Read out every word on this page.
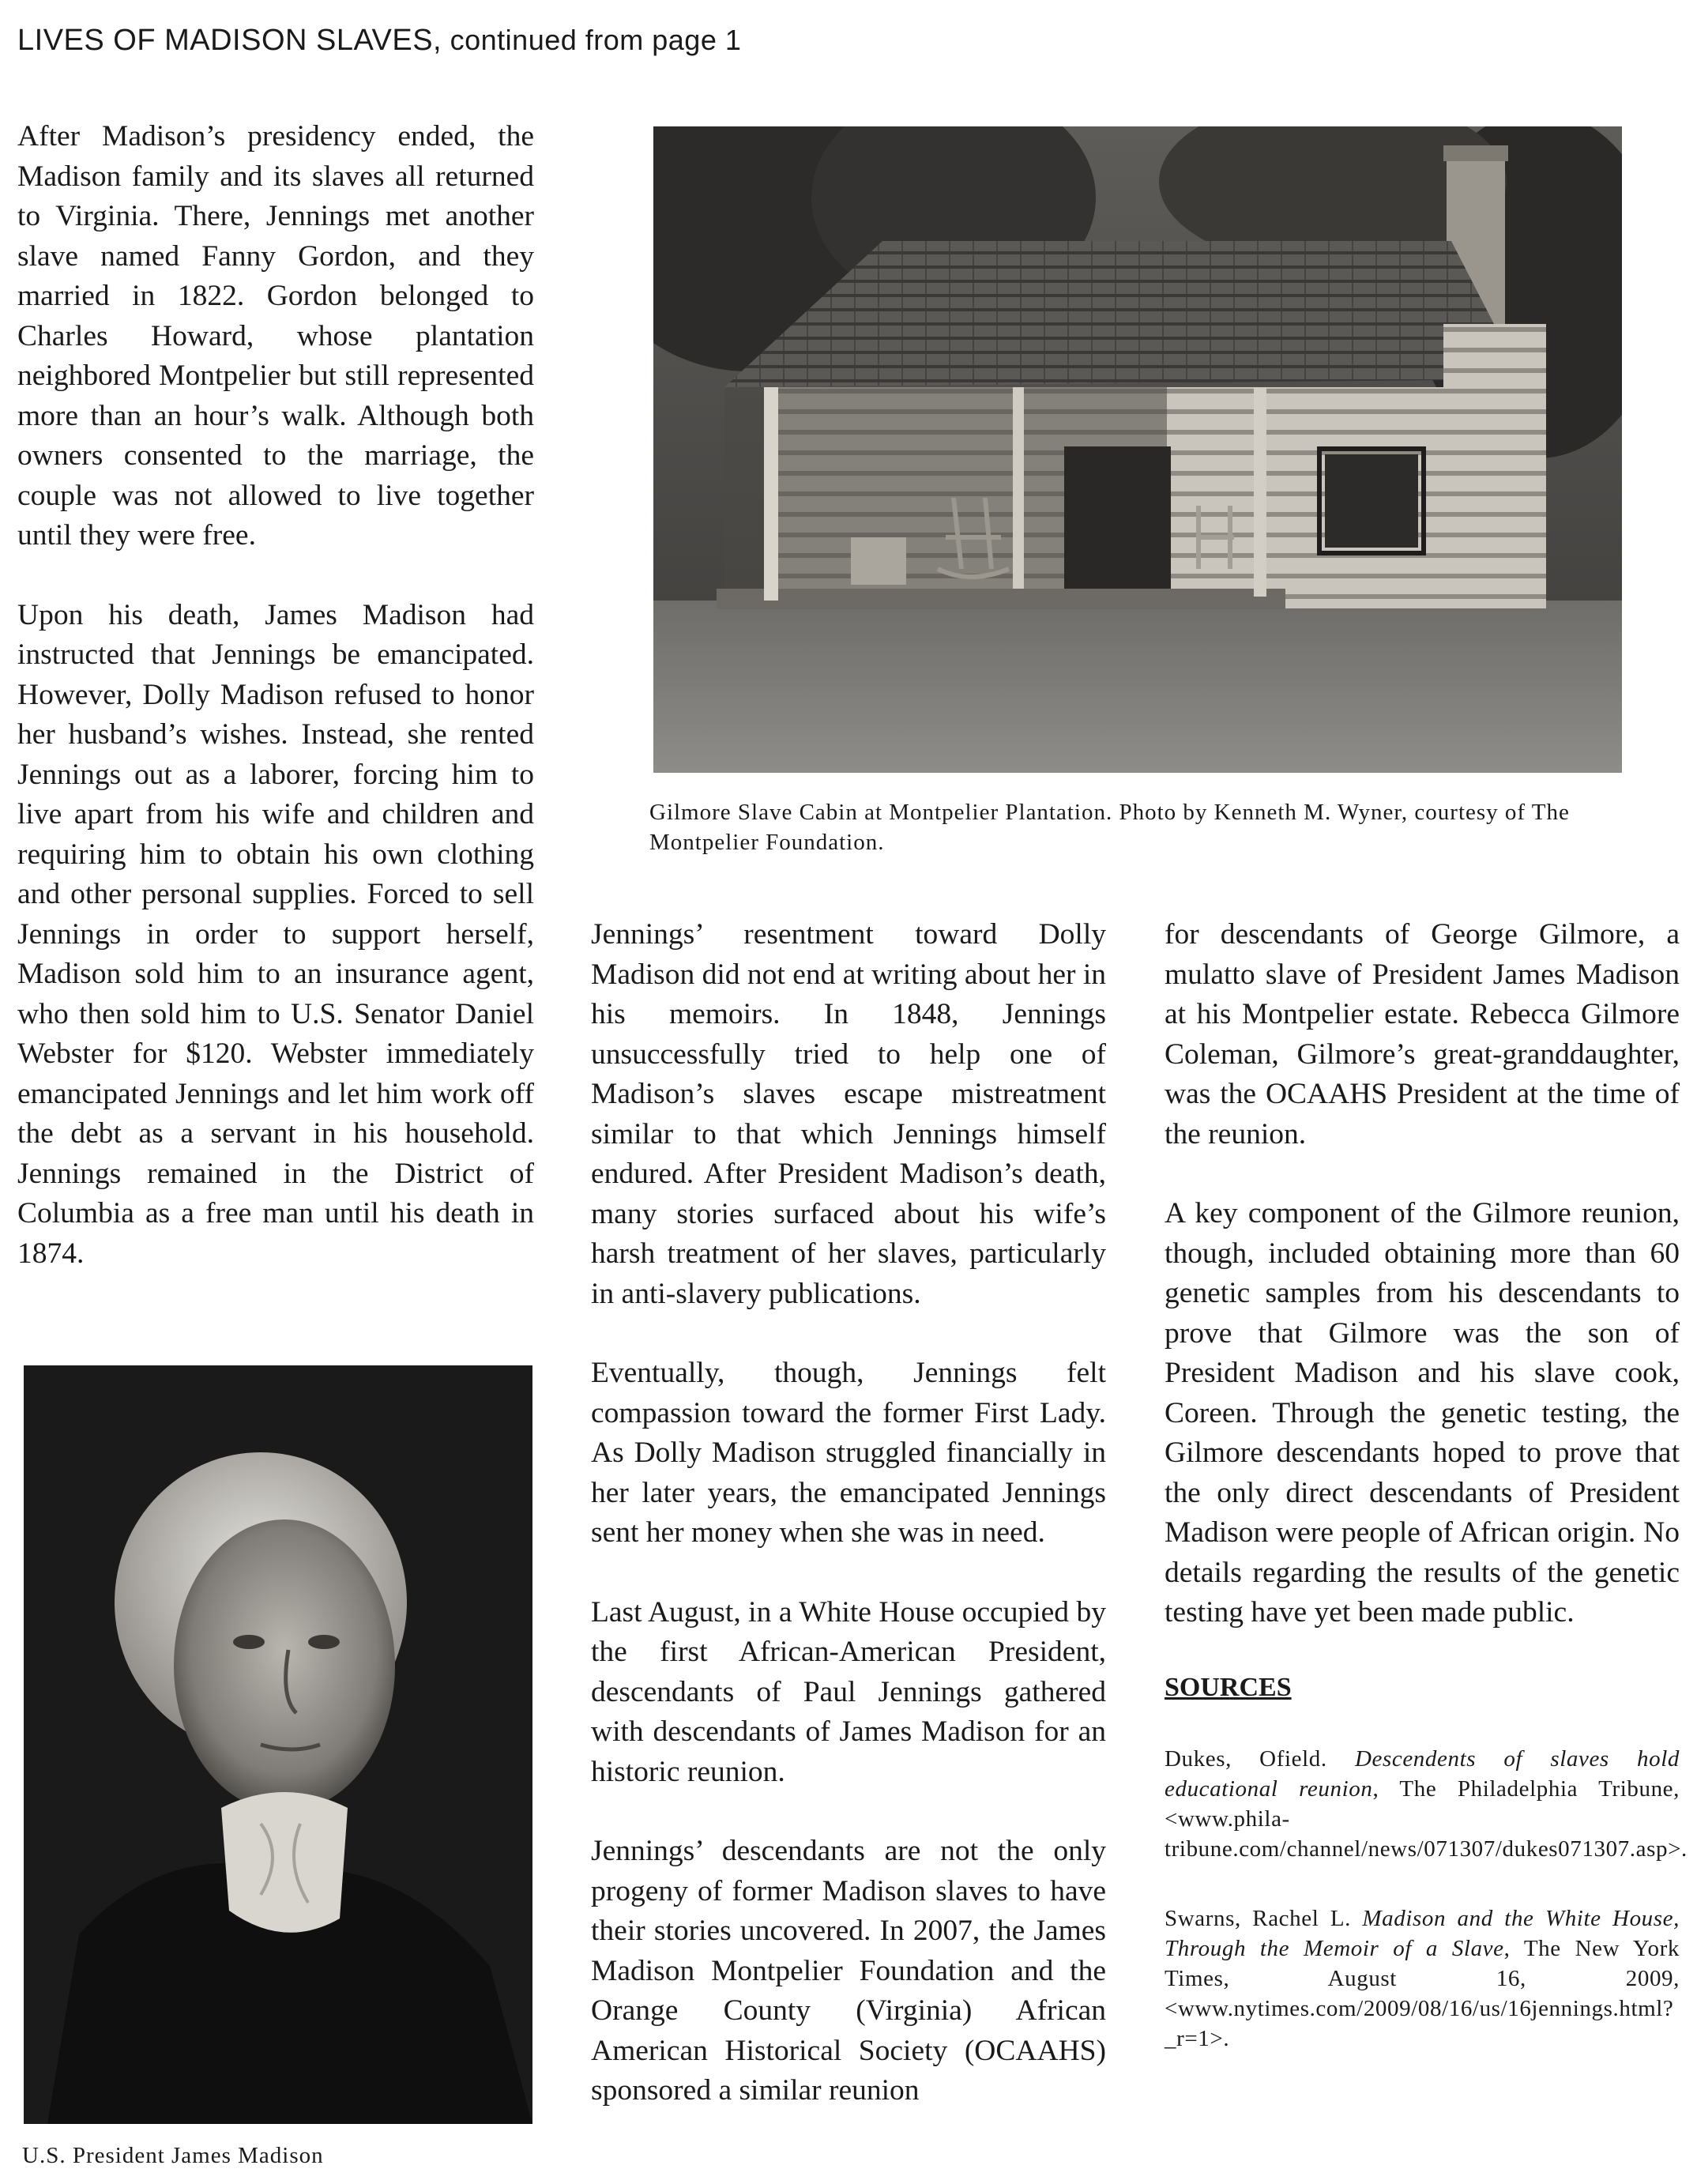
LIVES OF MADISON SLAVES, continued from page 1

After Madison’s presidency ended, the Madison family and its slaves all returned to Virginia. There, Jennings met another slave named Fanny Gordon, and they married in 1822. Gordon belonged to Charles Howard, whose plantation neighbored Montpelier but still represented more than an hour’s walk. Although both owners consented to the marriage, the couple was not allowed to live together until they were free.

Upon his death, James Madison had instructed that Jennings be emancipated. However, Dolly Madison refused to honor her husband’s wishes. Instead, she rented Jennings out as a laborer, forcing him to live apart from his wife and children and requiring him to obtain his own clothing and other personal supplies. Forced to sell Jennings in order to support herself, Madison sold him to an insurance agent, who then sold him to U.S. Senator Daniel Webster for $120. Webster immediately emancipated Jennings and let him work off the debt as a servant in his household. Jennings remained in the District of Columbia as a free man until his death in 1874.

Gilmore Slave Cabin at Montpelier Plantation. Photo by Kenneth M. Wyner, courtesy of The Montpelier Foundation.
U.S. President James Madison

Jennings’ resentment toward Dolly Madison did not end at writing about her in his memoirs. In 1848, Jennings unsuccessfully tried to help one of Madison’s slaves escape mistreatment similar to that which Jennings himself endured. After President Madison’s death, many stories surfaced about his wife’s harsh treatment of her slaves, particularly in anti-slavery publications.

Eventually, though, Jennings felt compassion toward the former First Lady. As Dolly Madison struggled financially in her later years, the emancipated Jennings sent her money when she was in need.

Last August, in a White House occupied by the first African-American President, descendants of Paul Jennings gathered with descendants of James Madison for an historic reunion.

Jennings’ descendants are not the only progeny of former Madison slaves to have their stories uncovered. In 2007, the James Madison Montpelier Foundation and the Orange County (Virginia) African American Historical Society (OCAAHS) sponsored a similar reunion

for descendants of George Gilmore, a mulatto slave of President James Madison at his Montpelier estate. Rebecca Gilmore Coleman, Gilmore’s great-granddaughter, was the OCAAHS President at the time of the reunion.

A key component of the Gilmore reunion, though, included obtaining more than 60 genetic samples from his descendants to prove that Gilmore was the son of President Madison and his slave cook, Coreen. Through the genetic testing, the Gilmore descendants hoped to prove that the only direct descendants of President Madison were people of African origin. No details regarding the results of the genetic testing have yet been made public.

SOURCES

Dukes, Ofield. Descendents of slaves hold educational reunion, The Philadelphia Tribune, <www.phila-tribune.com/channel/news/071307/dukes071307.asp>.

Swarns, Rachel L. Madison and the White House, Through the Memoir of a Slave, The New York Times, August 16, 2009, <www.nytimes.com/2009/08/16/us/16jennings.html?_r=1>.
